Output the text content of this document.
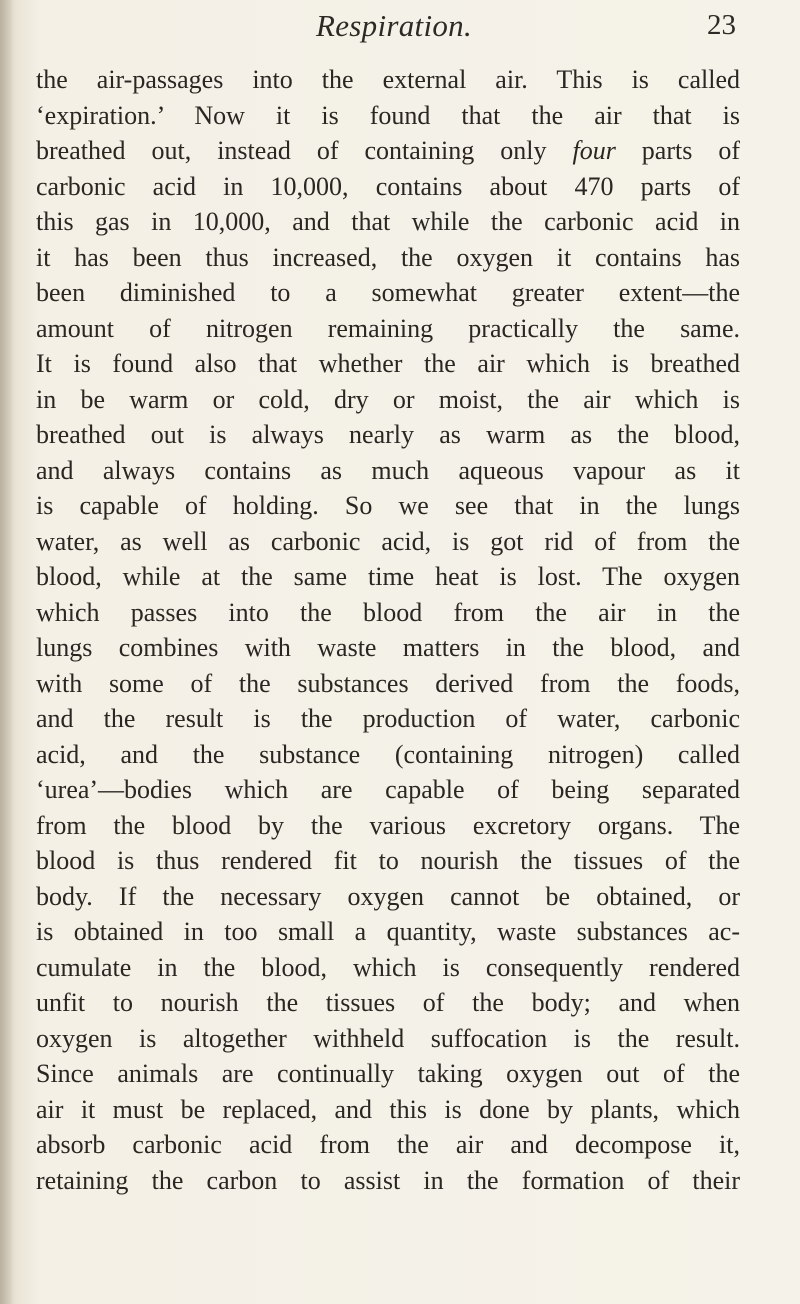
Respiration.	23
the air-passages into the external air. This is called
‘expiration.’ Now it is found that the air that is
breathed out, instead of containing only four parts of
carbonic acid in 10,000, contains about 470 parts of
this gas in 10,000, and that while the carbonic acid in
it has been thus increased, the oxygen it contains has
been diminished to a somewhat greater extent—the
amount of nitrogen remaining practically the same.
It is found also that whether the air which is breathed
in be warm or cold, dry or moist, the air which is
breathed out is always nearly as warm as the blood,
and always contains as much aqueous vapour as it
is capable of holding. So we see that in the lungs
water, as well as carbonic acid, is got rid of from the
blood, while at the same time heat is lost. The oxygen
which passes into the blood from the air in the
lungs combines with waste matters in the blood, and
with some of the substances derived from the foods,
and the result is the production of water, carbonic
acid, and the substance (containing nitrogen) called
‘urea’—bodies which are capable of being separated
from the blood by the various excretory organs. The
blood is thus rendered fit to nourish the tissues of the
body. If the necessary oxygen cannot be obtained, or
is obtained in too small a quantity, waste substances ac-
cumulate in the blood, which is consequently rendered
unfit to nourish the tissues of the body; and when
oxygen is altogether withheld suffocation is the result.
Since animals are continually taking oxygen out of the
air it must be replaced, and this is done by plants, which
absorb carbonic acid from the air and decompose it,
retaining the carbon to assist in the formation of their
